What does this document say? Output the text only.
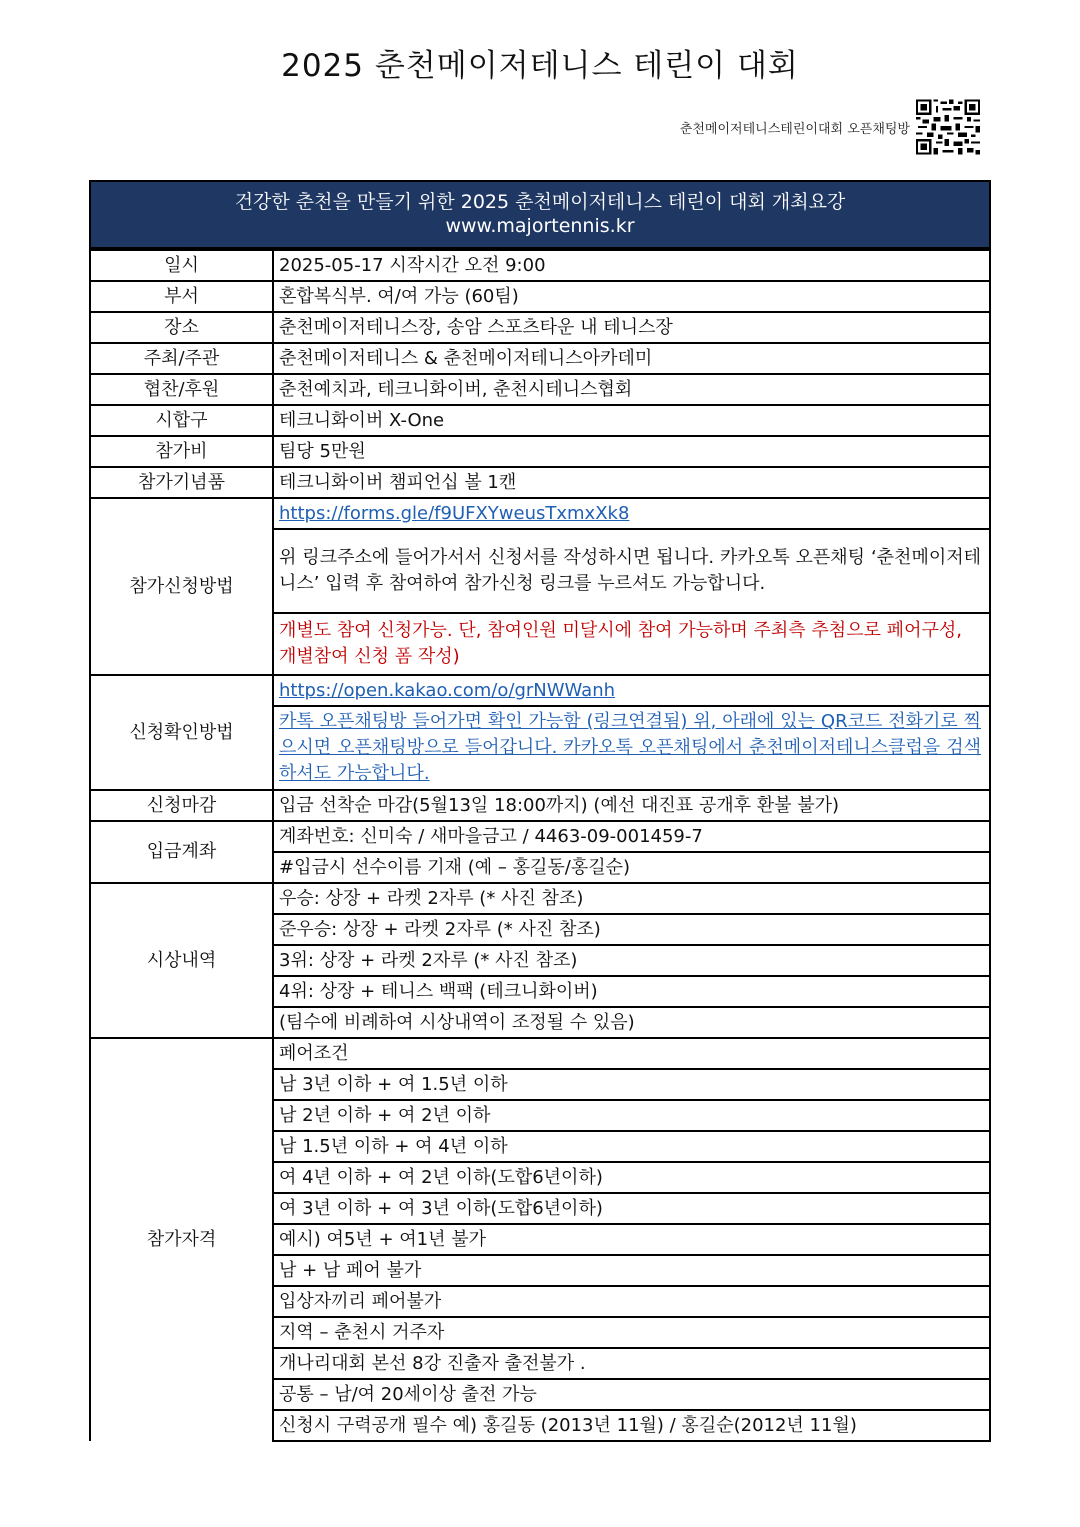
2025 춘천메이저테니스 테린이 대회
춘천메이저테니스테린이대회 오픈채팅방
건강한 춘천을 만들기 위한 2025 춘천메이저테니스 테린이 대회 개최요강
www.majortennis.kr
일시	2025-05-17 시작시간 오전 9:00
부서	혼합복식부. 여/여 가능 (60팀)
장소	춘천메이저테니스장, 송암 스포츠타운 내 테니스장
주최/주관	춘천메이저테니스 & 춘천메이저테니스아카데미
협찬/후원	춘천예치과, 테크니화이버, 춘천시테니스협회
시합구	테크니화이버 X-One
참가비	팀당 5만원
참가기념품	테크니화이버 챔피언십 볼 1캔
참가신청방법	https://forms.gle/f9UFXYweusTxmxXk8
	위 링크주소에 들어가서서 신청서를 작성하시면 됩니다. 카카오톡 오픈채팅 ‘춘천메이저테니스’ 입력 후 참여하여 참가신청 링크를 누르셔도 가능합니다.
	개별도 참여 신청가능. 단, 참여인원 미달시에 참여 가능하며 주최측 추첨으로 페어구성, 개별참여 신청 폼 작성)
신청확인방법	https://open.kakao.com/o/grNWWanh
	카톡 오픈채팅방 들어가면 확인 가능함 (링크연결됨) 위, 아래에 있는 QR코드 전화기로 찍으시면 오픈채팅방으로 들어갑니다. 카카오톡 오픈채팅에서 춘천메이저테니스클럽을 검색하셔도 가능합니다.
신청마감	입금 선착순 마감(5월13일 18:00까지) (예선 대진표 공개후 환불 불가)
입금계좌	계좌번호: 신미숙 / 새마을금고 / 4463-09-001459-7
	#입금시 선수이름 기재 (예 – 홍길동/홍길순)
시상내역	우승: 상장 + 라켓 2자루 (* 사진 참조)
	준우승: 상장 + 라켓 2자루 (* 사진 참조)
	3위: 상장 + 라켓 2자루 (* 사진 참조)
	4위: 상장 + 테니스 백팩 (테크니화이버)
	(팀수에 비례하여 시상내역이 조정될 수 있음)
참가자격	페어조건
	남 3년 이하 + 여 1.5년 이하
	남 2년 이하 + 여 2년 이하
	남 1.5년 이하 + 여 4년 이하
	여 4년 이하 + 여 2년 이하(도합6년이하)
	여 3년 이하 + 여 3년 이하(도합6년이하)
	예시) 여5년 + 여1년 불가
	남 + 남 페어 불가
	입상자끼리 페어불가
	지역 – 춘천시 거주자
	개나리대회 본선 8강 진출자 출전불가 .
	공통 – 남/여 20세이상 출전 가능
	신청시 구력공개 필수 예) 홍길동 (2013년 11월) / 홍길순(2012년 11월)
